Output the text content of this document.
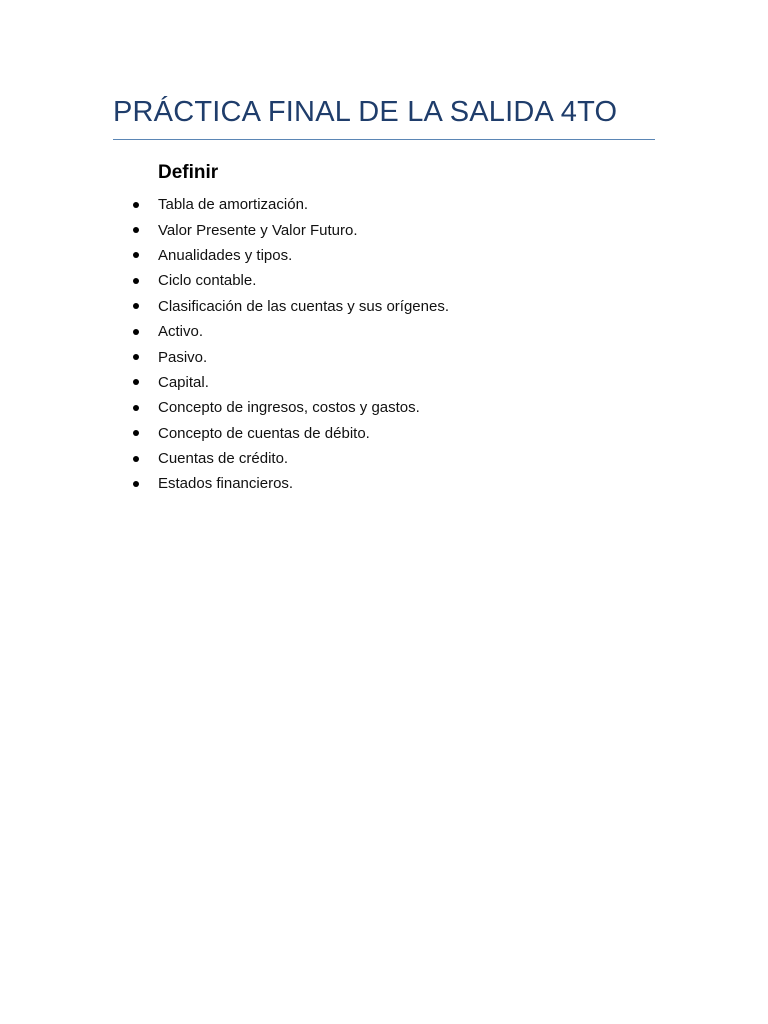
PRÁCTICA FINAL DE LA SALIDA 4TO
Definir
Tabla de amortización.
Valor Presente y Valor Futuro.
Anualidades y tipos.
Ciclo contable.
Clasificación de las cuentas y sus orígenes.
Activo.
Pasivo.
Capital.
Concepto de ingresos, costos y gastos.
Concepto de cuentas de débito.
Cuentas de crédito.
Estados financieros.
